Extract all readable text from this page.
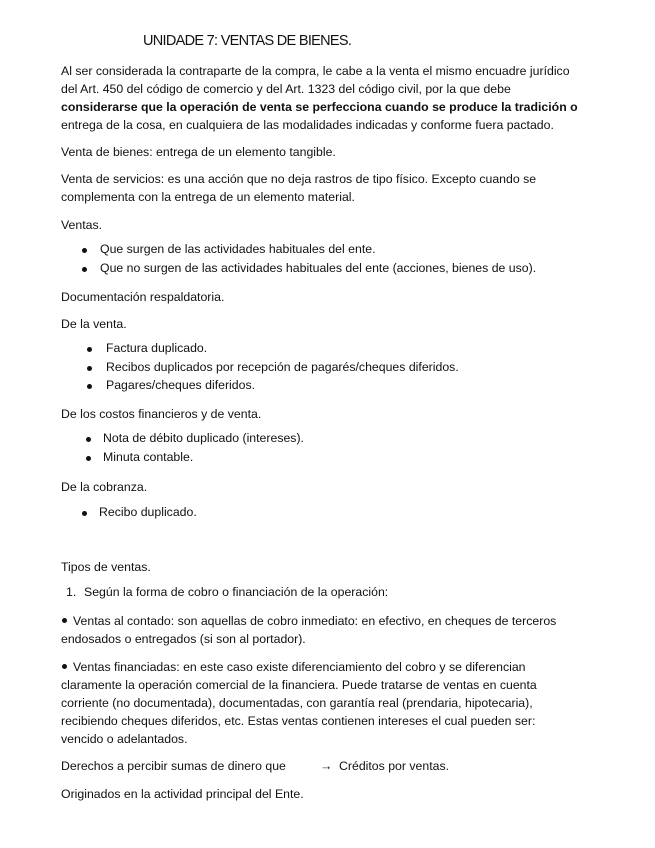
UNIDADE 7: VENTAS DE BIENES.
Al ser considerada la contraparte de la compra, le cabe a la venta el mismo encuadre jurídico
del Art. 450 del código de comercio y del Art. 1323 del código civil, por la que debe
considerarse que la operación de venta se perfecciona cuando se produce la tradición o
entrega de la cosa, en cualquiera de las modalidades indicadas y conforme fuera pactado.
Venta de bienes: entrega de un elemento tangible.
Venta de servicios: es una acción que no deja rastros de tipo físico. Excepto cuando se
complementa con la entrega de un elemento material.
Ventas.
Que surgen de las actividades habituales del ente.
Que no surgen de las actividades habituales del ente (acciones, bienes de uso).
Documentación respaldatoria.
De la venta.
Factura duplicado.
Recibos duplicados por recepción de pagarés/cheques diferidos.
Pagares/cheques diferidos.
De los costos financieros y de venta.
Nota de débito duplicado (intereses).
Minuta contable.
De la cobranza.
Recibo duplicado.
Tipos de ventas.
1. Según la forma de cobro o financiación de la operación:
Ventas al contado: son aquellas de cobro inmediato: en efectivo, en cheques de terceros
endosados o entregados (si son al portador).
Ventas financiadas: en este caso existe diferenciamiento del cobro y se diferencian
claramente la operación comercial de la financiera. Puede tratarse de ventas en cuenta
corriente (no documentada), documentadas, con garantía real (prendaria, hipotecaria),
recibiendo cheques diferidos, etc. Estas ventas contienen intereses el cual pueden ser:
vencido o adelantados.
Derechos a percibir sumas de dinero que	→ Créditos por ventas.
Originados en la actividad principal del Ente.
